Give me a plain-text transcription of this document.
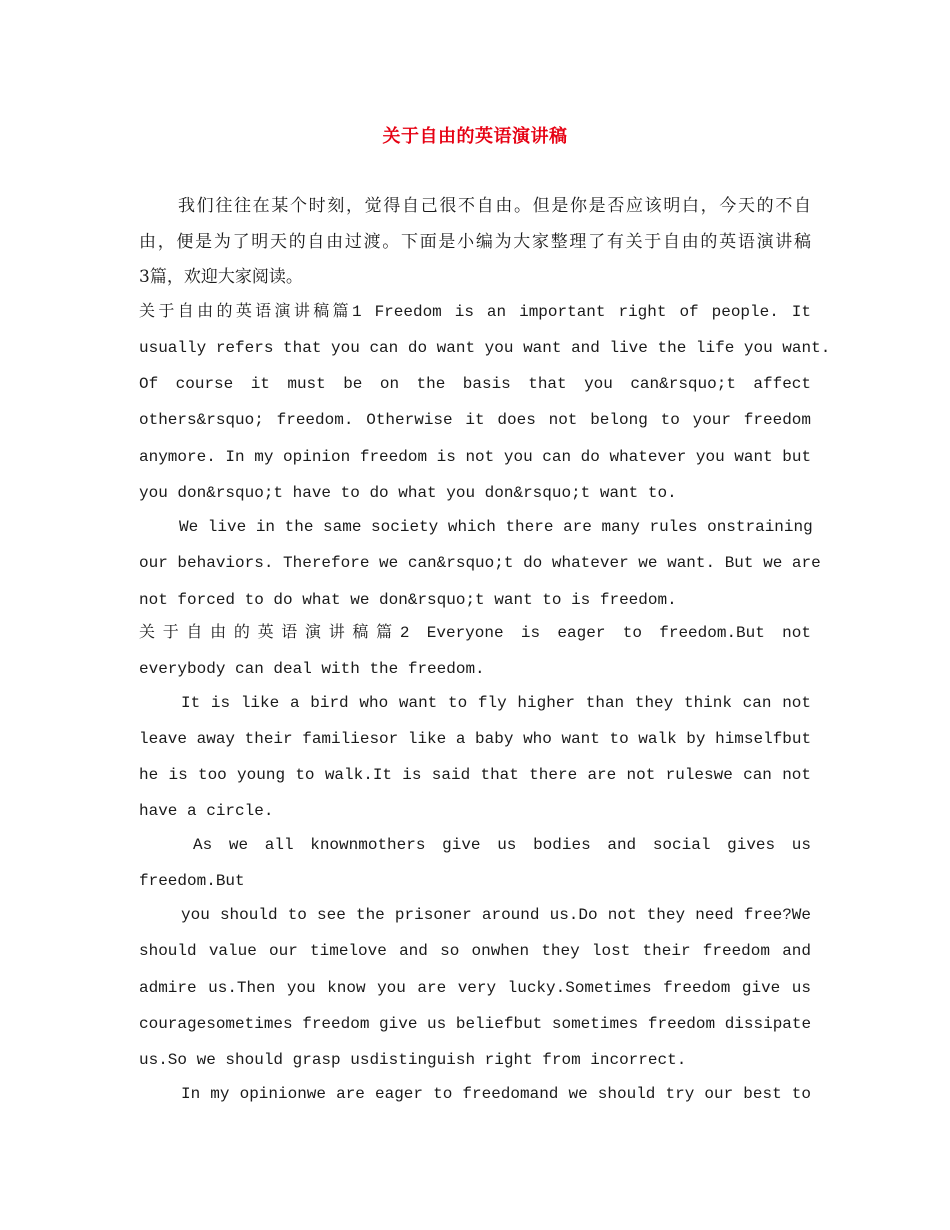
关于自由的英语演讲稿
我们往往在某个时刻，觉得自己很不自由。但是你是否应该明白，今天的不自
由，便是为了明天的自由过渡。下面是小编为大家整理了有关于自由的英语演讲稿
3篇，欢迎大家阅读。
关于自由的英语演讲稿篇1 Freedom is an important right of people. It
usually refers that you can do want you want and live the life you want.
Of course it must be on the basis that you can&rsquo;t affect
others&rsquo; freedom. Otherwise it does not belong to your freedom
anymore. In my opinion freedom is not you can do whatever you want but
you don&rsquo;t have to do what you don&rsquo;t want to.
We live in the same society which there are many rules onstraining
our behaviors. Therefore we can&rsquo;t do whatever we want. But we are
not forced to do what we don&rsquo;t want to is freedom.
关于自由的英语演讲稿篇2 Everyone is eager to freedom.But not
everybody can deal with the freedom.
It is like a bird who want to fly higher than they think can not
leave away their familiesor like a baby who want to walk by himselfbut
he is too young to walk.It is said that there are not ruleswe can not
have a circle.
As we all knownmothers give us bodies and social gives us
freedom.But
you should to see the prisoner around us.Do not they need free?We
should value our timelove and so onwhen they lost their freedom and
admire us.Then you know you are very lucky.Sometimes freedom give us
couragesometimes freedom give us beliefbut sometimes freedom dissipate
us.So we should grasp usdistinguish right from incorrect.
In my opinionwe are eager to freedomand we should try our best to
